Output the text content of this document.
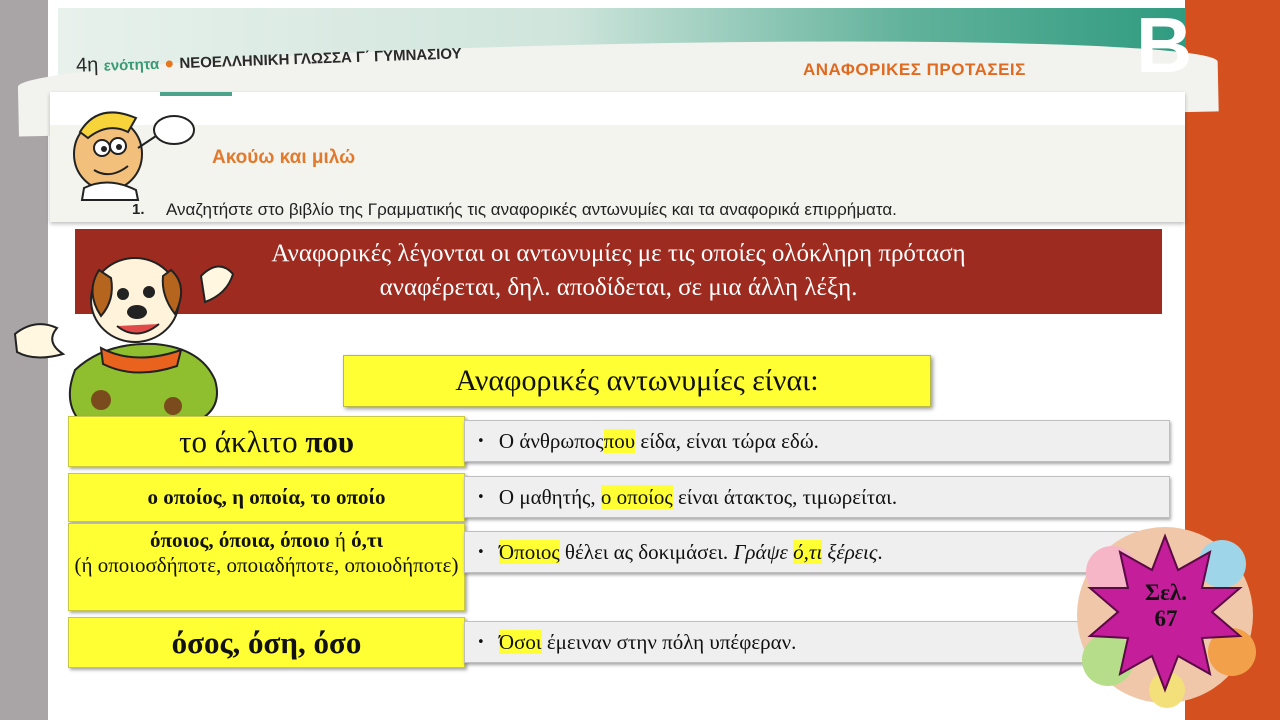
4η ενότητα ● ΝΕΟΕΛΛΗΝΙΚΗ ΓΛΩΣΣΑ Γ΄ ΓΥΜΝΑΣΙΟΥ	ΑΝΑΦΟΡΙΚΕΣ ΠΡΟΤΑΣΕΙΣ Β
Ακούω και μιλώ
1. Αναζητήστε στο βιβλίο της Γραμματικής τις αναφορικές αντωνυμίες και τα αναφορικά επιρρήματα.
Αναφορικές λέγονται οι αντωνυμίες με τις οποίες ολόκληρη πρόταση
αναφέρεται, δηλ. αποδίδεται, σε μια άλλη λέξη.
Αναφορικές αντωνυμίες είναι:
το άκλιτο που
ο οποίος, η οποία, το οποίο
όποιος, όποια, όποιο ή ό,τι
(ή οποιοσδήποτε, οποιαδήποτε, οποιοδήποτε)
όσος, όση, όσο
• Ο άνθρωποςπου είδα, είναι τώρα εδώ.
• Ο μαθητής, ο οποίος είναι άτακτος, τιμωρείται.
• Όποιος θέλει ας δοκιμάσει. Γράψε ό,τι ξέρεις.
• Όσοι έμειναν στην πόλη υπέφεραν.
Σελ.
67
